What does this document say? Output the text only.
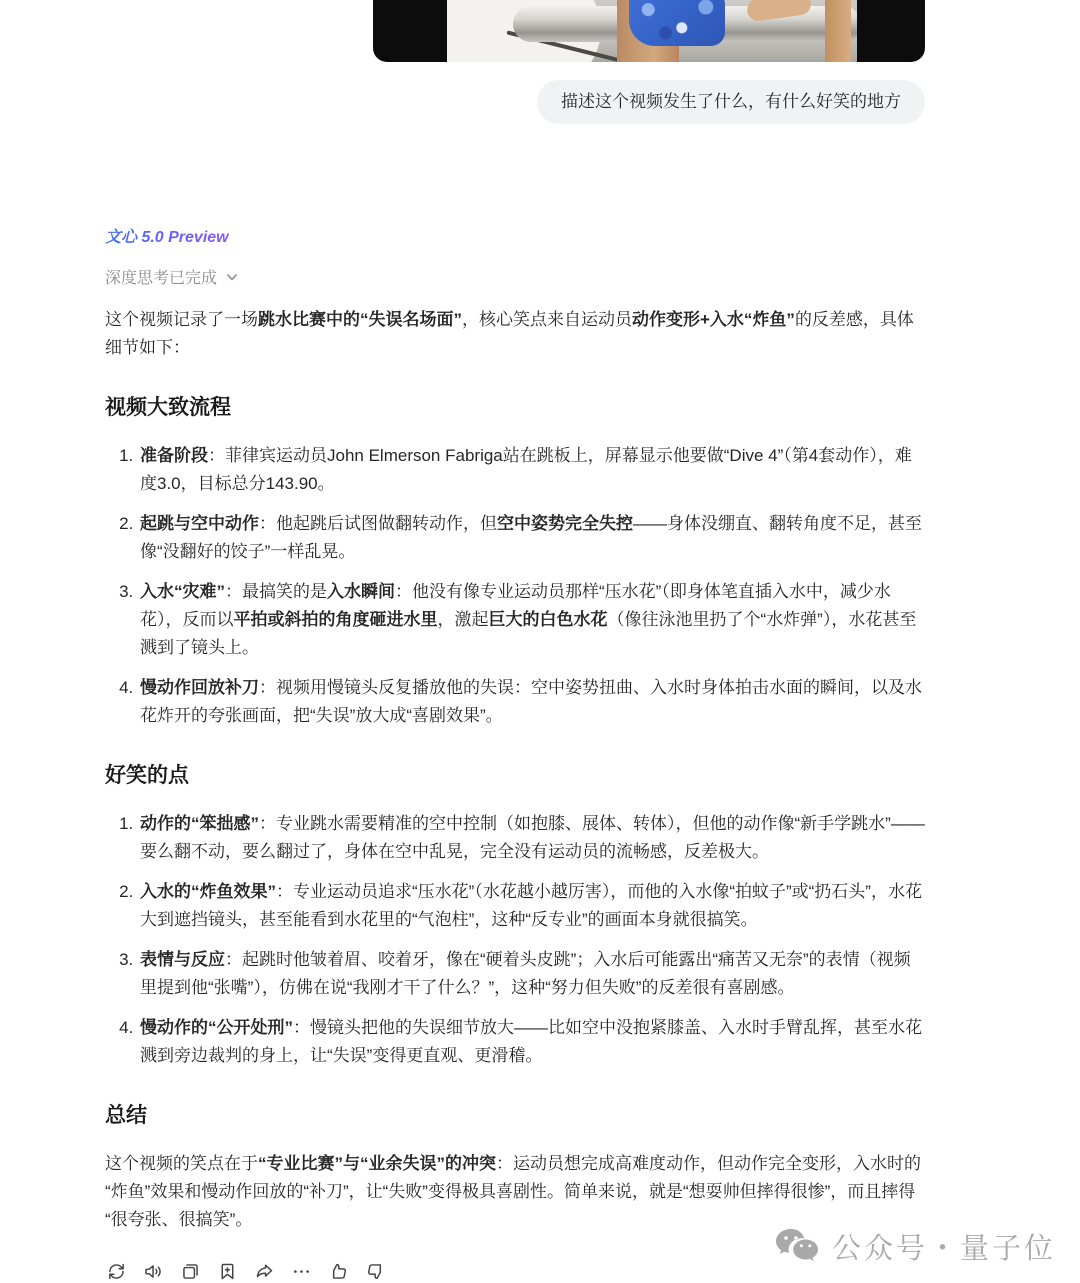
描述这个视频发生了什么，有什么好笑的地方
文心 5.0 Preview
深度思考已完成

这个视频记录了一场跳水比赛中的“失误名场面”，核心笑点来自运动员动作变形+入水“炸鱼”的反差感，具体细节如下：

视频大致流程
1. 准备阶段：菲律宾运动员John Elmerson Fabriga站在跳板上，屏幕显示他要做“Dive 4”（第4套动作），难度3.0，目标总分143.90。
2. 起跳与空中动作：他起跳后试图做翻转动作，但空中姿势完全失控——身体没绷直、翻转角度不足，甚至像“没翻好的饺子”一样乱晃。
3. 入水“灾难”：最搞笑的是入水瞬间：他没有像专业运动员那样“压水花”（即身体笔直插入水中，减少水花），反而以平拍或斜拍的角度砸进水里，激起巨大的白色水花（像往泳池里扔了个“水炸弹”），水花甚至溅到了镜头上。
4. 慢动作回放补刀：视频用慢镜头反复播放他的失误：空中姿势扭曲、入水时身体拍击水面的瞬间，以及水花炸开的夸张画面，把“失误”放大成“喜剧效果”。
好笑的点
1. 动作的“笨拙感”：专业跳水需要精准的空中控制（如抱膝、展体、转体），但他的动作像“新手学跳水”——要么翻不动，要么翻过了，身体在空中乱晃，完全没有运动员的流畅感，反差极大。
2. 入水的“炸鱼效果”：专业运动员追求“压水花”（水花越小越厉害），而他的入水像“拍蚊子”或“扔石头”，水花大到遮挡镜头，甚至能看到水花里的“气泡柱”，这种“反专业”的画面本身就很搞笑。
3. 表情与反应：起跳时他皱着眉、咬着牙，像在“硬着头皮跳”；入水后可能露出“痛苦又无奈”的表情（视频里提到他“张嘴”），仿佛在说“我刚才干了什么？”，这种“努力但失败”的反差很有喜剧感。
4. 慢动作的“公开处刑”：慢镜头把他的失误细节放大——比如空中没抱紧膝盖、入水时手臂乱挥，甚至水花溅到旁边裁判的身上，让“失误”变得更直观、更滑稽。
总结

这个视频的笑点在于“专业比赛”与“业余失误”的冲突：运动员想完成高难度动作，但动作完全变形，入水时的“炸鱼”效果和慢动作回放的“补刀”，让“失败”变得极具喜剧性。简单来说，就是“想耍帅但摔得很惨”，而且摔得“很夸张、很搞笑”。

公众号・量子位
